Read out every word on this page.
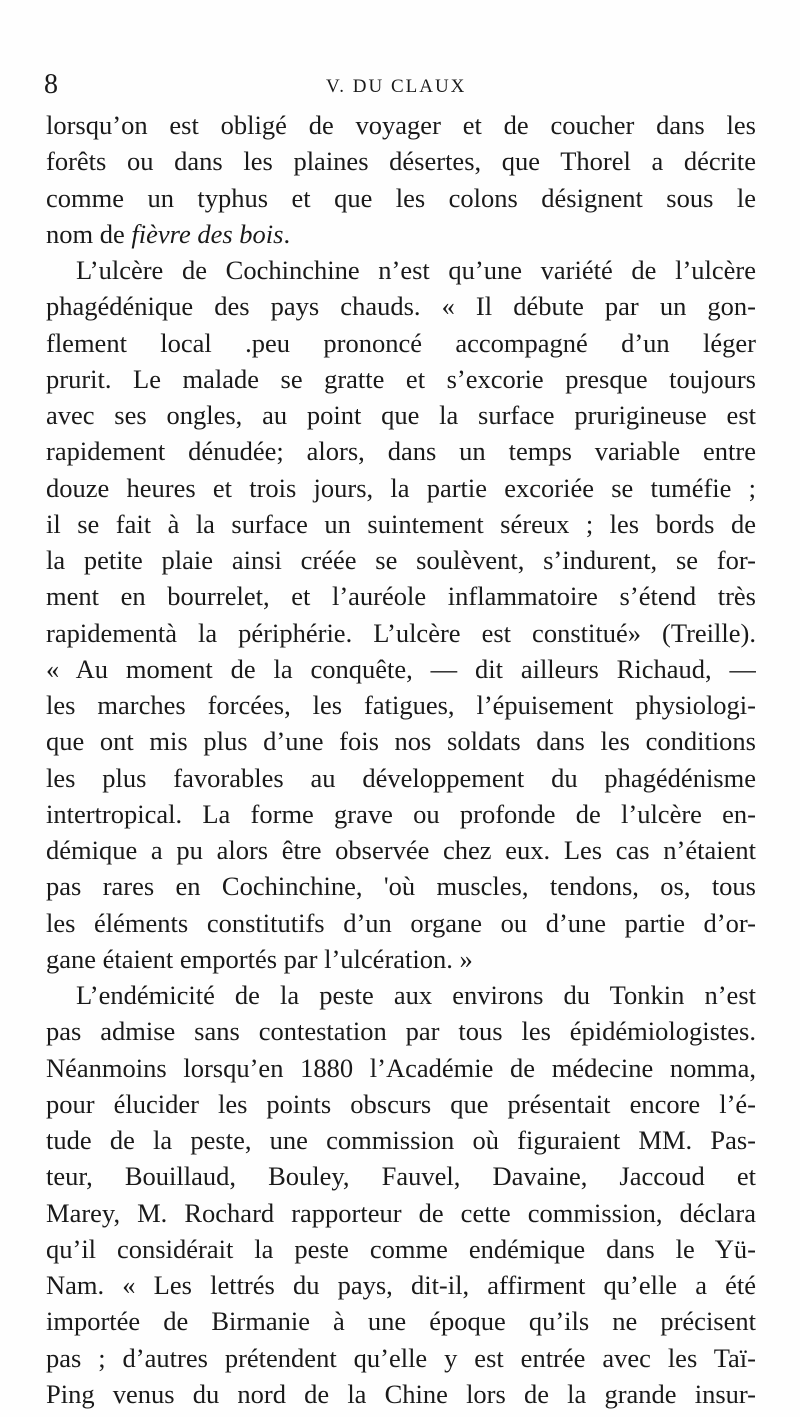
8	V. DU CLAUX
lorsqu’on est obligé de voyager et de coucher dans les
forêts ou dans les plaines désertes, que Thorel a décrite
comme un typhus et que les colons désignent sous le
nom de fièvre des bois.
L’ulcère de Cochinchine n’est qu’une variété de l’ulcère
phagédénique des pays chauds. « Il débute par un gon-
flement local .peu prononcé accompagné d’un léger
prurit. Le malade se gratte et s’excorie presque toujours
avec ses ongles, au point que la surface prurigineuse est
rapidement dénudée; alors, dans un temps variable entre
douze heures et trois jours, la partie excoriée se tuméfie ;
il se fait à la surface un suintement séreux ; les bords de
la petite plaie ainsi créée se soulèvent, s’indurent, se for-
ment en bourrelet, et l’auréole inflammatoire s’étend très
rapidementà la périphérie. L’ulcère est constitué» (Treille).
« Au moment de la conquête, — dit ailleurs Richaud, —
les marches forcées, les fatigues, l’épuisement physiologi-
que ont mis plus d’une fois nos soldats dans les conditions
les plus favorables au développement du phagédénisme
intertropical. La forme grave ou profonde de l’ulcère en-
démique a pu alors être observée chez eux. Les cas n’étaient
pas rares en Cochinchine, 'où muscles, tendons, os, tous
les éléments constitutifs d’un organe ou d’une partie d’or-
gane étaient emportés par l’ulcération. »
L’endémicité de la peste aux environs du Tonkin n’est
pas admise sans contestation par tous les épidémiologistes.
Néanmoins lorsqu’en 1880 l’Académie de médecine nomma,
pour élucider les points obscurs que présentait encore l’é-
tude de la peste, une commission où figuraient MM. Pas-
teur, Bouillaud, Bouley, Fauvel, Davaine, Jaccoud et
Marey, M. Rochard rapporteur de cette commission, déclara
qu’il considérait la peste comme endémique dans le Yü-
Nam. « Les lettrés du pays, dit-il, affirment qu’elle a été
importée de Birmanie à une époque qu’ils ne précisent
pas ; d’autres prétendent qu’elle y est entrée avec les Taï-
Ping venus du nord de la Chine lors de la grande insur-
